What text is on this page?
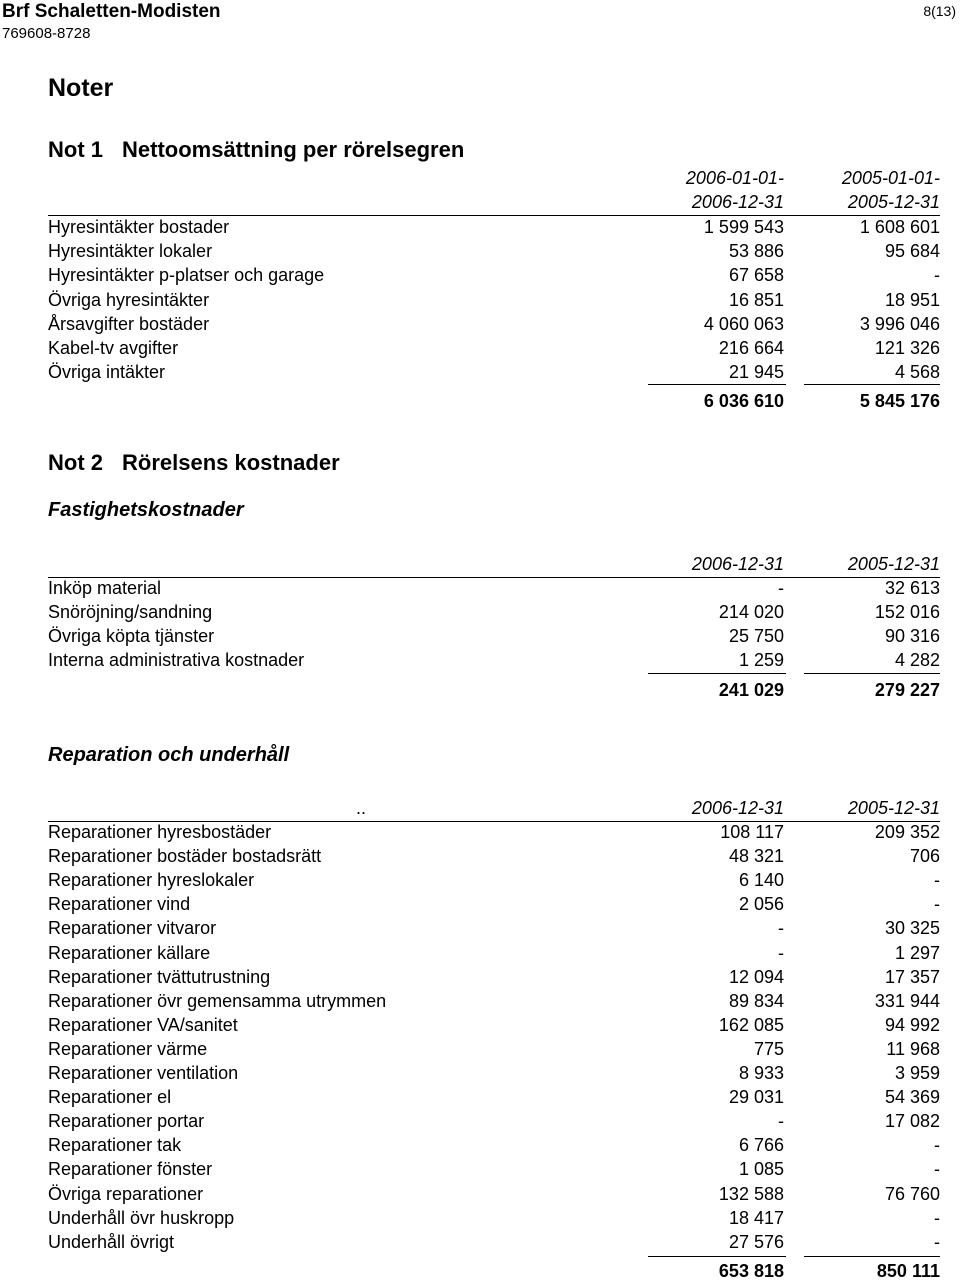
Brf Schaletten-Modisten
769608-8728
8(13)
Noter
Not 1 Nettoomsättning per rörelsegren
2006-01-01-	2005-01-01-
2006-12-31	2005-12-31
Hyresintäkter bostader	1 599 543	1 608 601
Hyresintäkter lokaler	53 886	95 684
Hyresintäkter p-platser och garage	67 658	-
Övriga hyresintäkter	16 851	18 951
Årsavgifter bostäder	4 060 063	3 996 046
Kabel-tv avgifter	216 664	121 326
Övriga intäkter	21 945	4 568
6 036 610	5 845 176
Not 2 Rörelsens kostnader
Fastighetskostnader
2006-12-31	2005-12-31
Inköp material	-	32 613
Snöröjning/sandning	214 020	152 016
Övriga köpta tjänster	25 750	90 316
Interna administrativa kostnader	1 259	4 282
241 029	279 227
Reparation och underhåll
..	2006-12-31	2005-12-31
Reparationer hyresbostäder	108 117	209 352
Reparationer bostäder bostadsrätt	48 321	706
Reparationer hyreslokaler	6 140	-
Reparationer vind	2 056	-
Reparationer vitvaror	-	30 325
Reparationer källare	-	1 297
Reparationer tvättutrustning	12 094	17 357
Reparationer övr gemensamma utrymmen	89 834	331 944
Reparationer VA/sanitet	162 085	94 992
Reparationer värme	775	11 968
Reparationer ventilation	8 933	3 959
Reparationer el	29 031	54 369
Reparationer portar	-	17 082
Reparationer tak	6 766	-
Reparationer fönster	1 085	-
Övriga reparationer	132 588	76 760
Underhåll övr huskropp	18 417	-
Underhåll övrigt	27 576	-
653 818	850 111
